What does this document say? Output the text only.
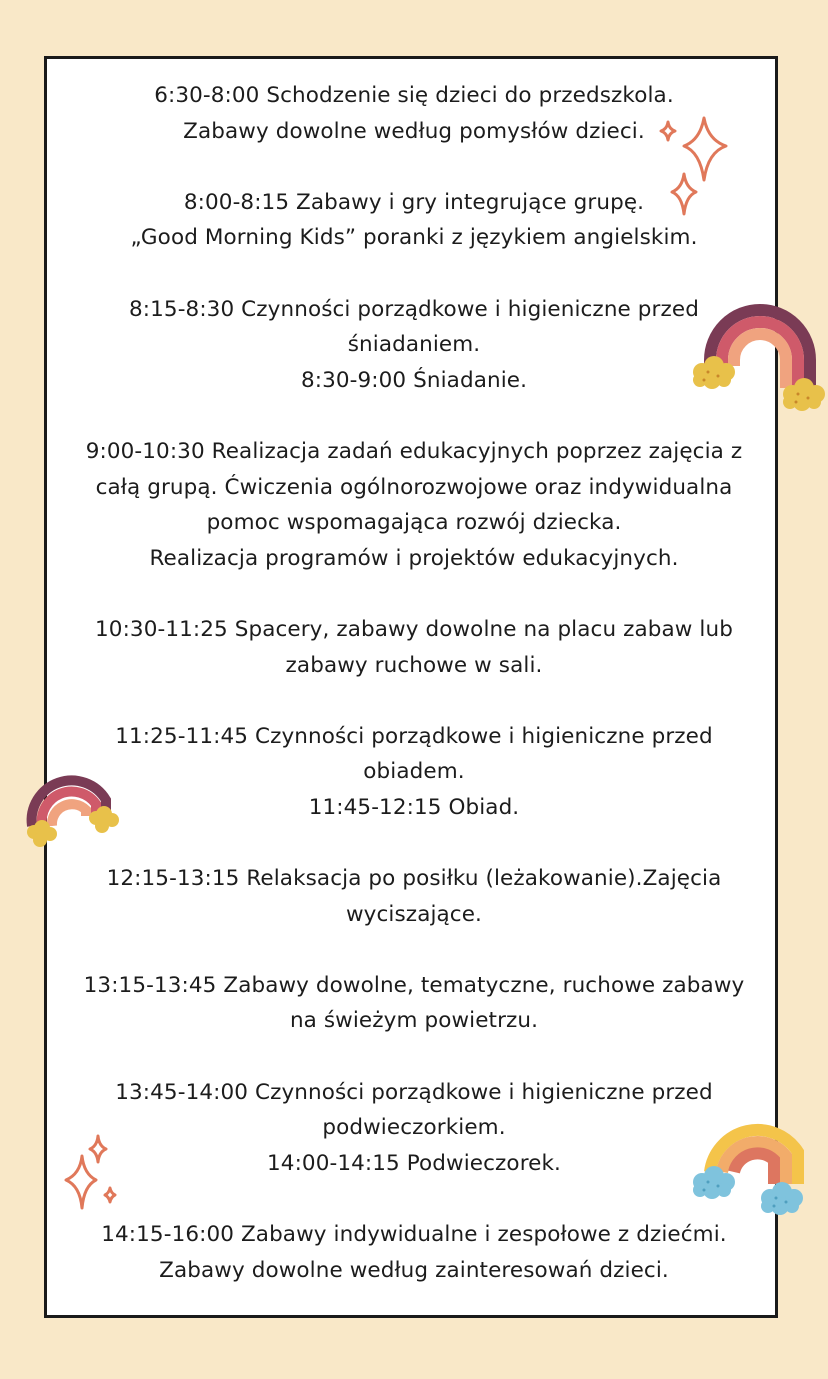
6:30-8:00 Schodzenie się dzieci do przedszkola.
Zabawy dowolne według pomysłów dzieci.
8:00-8:15 Zabawy i gry integrujące grupę.
„Good Morning Kids” poranki z językiem angielskim.
8:15-8:30 Czynności porządkowe i higieniczne przed
śniadaniem.
8:30-9:00 Śniadanie.
9:00-10:30 Realizacja zadań edukacyjnych poprzez zajęcia z
całą grupą. Ćwiczenia ogólnorozwojowe oraz indywidualna
pomoc wspomagająca rozwój dziecka.
Realizacja programów i projektów edukacyjnych.
10:30-11:25 Spacery, zabawy dowolne na placu zabaw lub
zabawy ruchowe w sali.
11:25-11:45 Czynności porządkowe i higieniczne przed
obiadem.
11:45-12:15 Obiad.
12:15-13:15 Relaksacja po posiłku (leżakowanie).Zajęcia
wyciszające.
13:15-13:45 Zabawy dowolne, tematyczne, ruchowe zabawy
na świeżym powietrzu.
13:45-14:00 Czynności porządkowe i higieniczne przed
podwieczorkiem.
14:00-14:15 Podwieczorek.
14:15-16:00 Zabawy indywidualne i zespołowe z dziećmi.
Zabawy dowolne według zainteresowań dzieci.
